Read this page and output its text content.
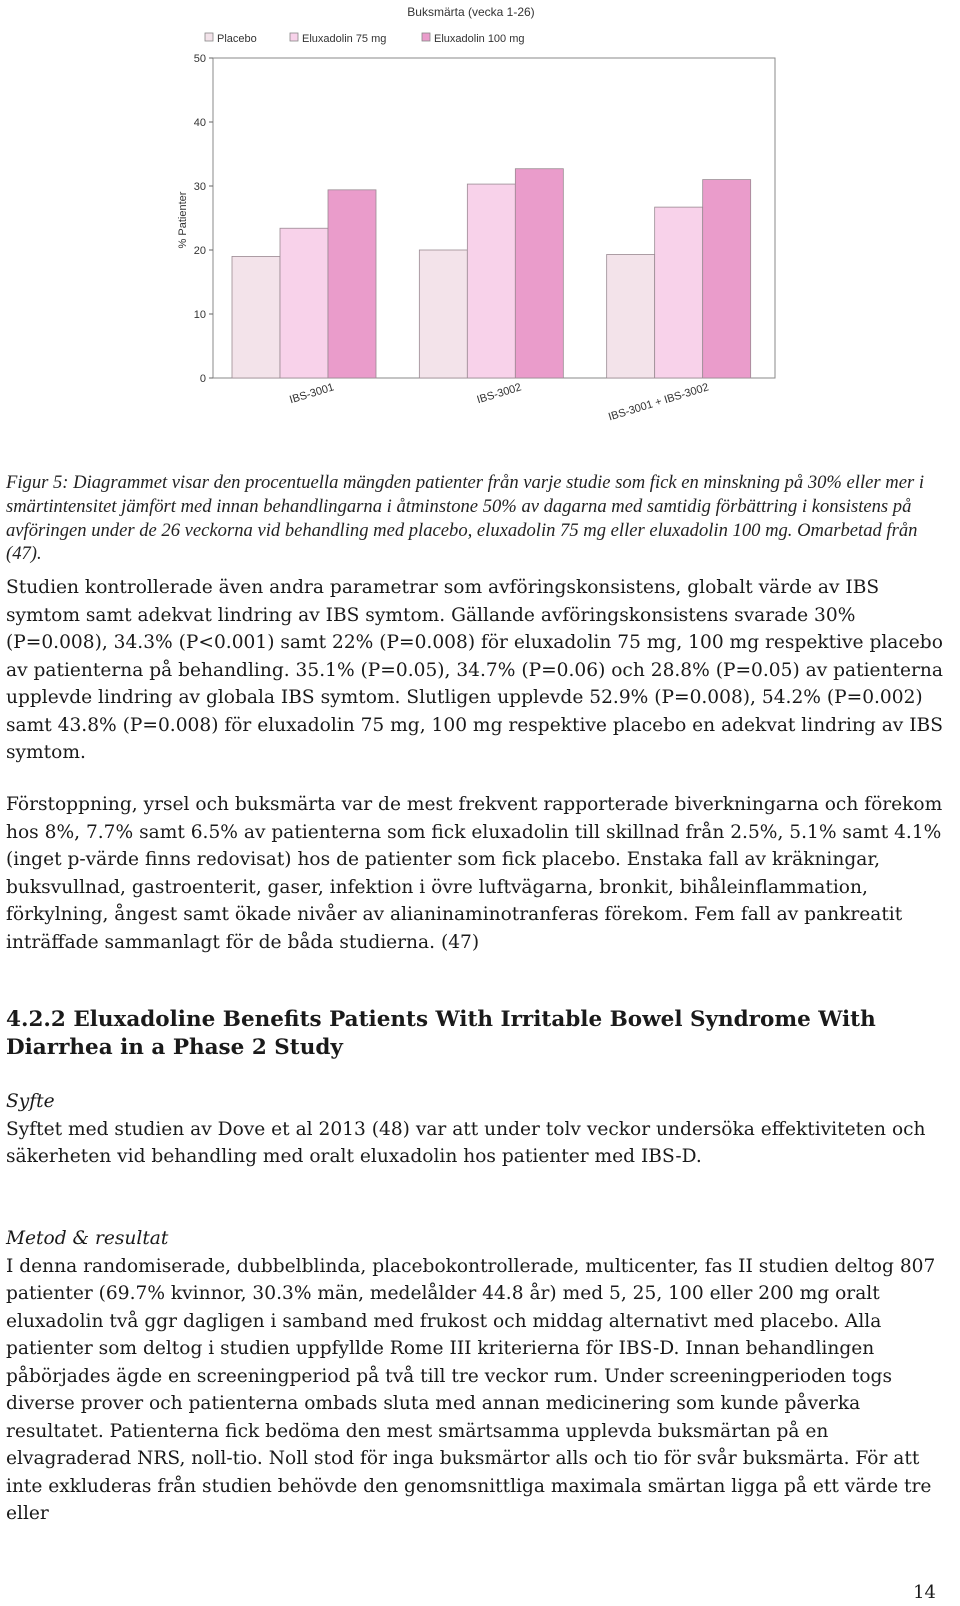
Buksmärta (vecka 1-26)
Placebo	Eluxadolin 75 mg	Eluxadolin 100 mg
0
10
20
30
40
50
% Patienter
IBS-3001	IBS-3002	IBS-3001 + IBS-3002

Figur 5: Diagrammet visar den procentuella mängden patienter från varje studie som fick en minskning på 30% eller mer i smärtintensitet jämfört med innan behandlingarna i åtminstone 50% av dagarna med samtidig förbättring i konsistens på avföringen under de 26 veckorna vid behandling med placebo, eluxadolin 75 mg eller eluxadolin 100 mg. Omarbetad från (47).

Studien kontrollerade även andra parametrar som avföringskonsistens, globalt värde av IBS symtom samt adekvat lindring av IBS symtom. Gällande avföringskonsistens svarade 30% (P=0.008), 34.3% (P<0.001) samt 22% (P=0.008) för eluxadolin 75 mg, 100 mg respektive placebo av patienterna på behandling. 35.1% (P=0.05), 34.7% (P=0.06) och 28.8% (P=0.05) av patienterna upplevde lindring av globala IBS symtom. Slutligen upplevde 52.9% (P=0.008), 54.2% (P=0.002) samt 43.8% (P=0.008) för eluxadolin 75 mg, 100 mg respektive placebo en adekvat lindring av IBS symtom.

Förstoppning, yrsel och buksmärta var de mest frekvent rapporterade biverkningarna och förekom hos 8%, 7.7% samt 6.5% av patienterna som fick eluxadolin till skillnad från 2.5%, 5.1% samt 4.1% (inget p-värde finns redovisat) hos de patienter som fick placebo. Enstaka fall av kräkningar, buksvullnad, gastroenterit, gaser, infektion i övre luftvägarna, bronkit, bihåleinflammation, förkylning, ångest samt ökade nivåer av alianinaminotranferas förekom. Fem fall av pankreatit inträffade sammanlagt för de båda studierna. (47)

4.2.2 Eluxadoline Benefits Patients With Irritable Bowel Syndrome With Diarrhea in a Phase 2 Study
Syfte
Syftet med studien av Dove et al 2013 (48) var att under tolv veckor undersöka effektiviteten och säkerheten vid behandling med oralt eluxadolin hos patienter med IBS-D.
Metod & resultat
I denna randomiserade, dubbelblinda, placebokontrollerade, multicenter, fas II studien deltog 807 patienter (69.7% kvinnor, 30.3% män, medelålder 44.8 år) med 5, 25, 100 eller 200 mg oralt eluxadolin två ggr dagligen i samband med frukost och middag alternativt med placebo. Alla patienter som deltog i studien uppfyllde Rome III kriterierna för IBS-D. Innan behandlingen påbörjades ägde en screeningperiod på två till tre veckor rum. Under screeningperioden togs diverse prover och patienterna ombads sluta med annan medicinering som kunde påverka resultatet. Patienterna fick bedöma den mest smärtsamma upplevda buksmärtan på en elvagraderad NRS, noll-tio. Noll stod för inga buksmärtor alls och tio för svår buksmärta. För att inte exkluderas från studien behövde den genomsnittliga maximala smärtan ligga på ett värde tre eller
14
